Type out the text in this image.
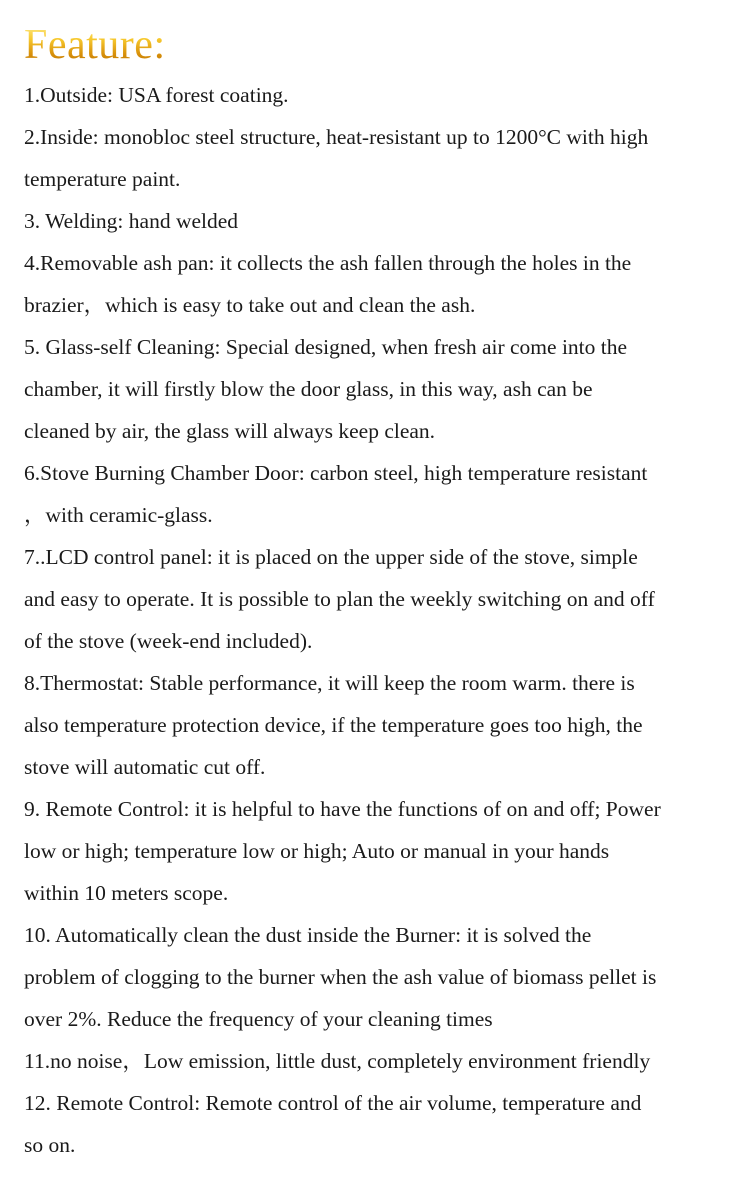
Feature:
1.Outside: USA forest coating.
2.Inside: monobloc steel structure, heat-resistant up to 1200°C with high
temperature paint.
3. Welding: hand welded
4.Removable ash pan: it collects the ash fallen through the holes in the
brazier，which is easy to take out and clean the ash.
5. Glass-self Cleaning: Special designed, when fresh air come into the
chamber, it will firstly blow the door glass, in this way, ash can be
cleaned by air, the glass will always keep clean.
6.Stove Burning Chamber Door: carbon steel, high temperature resistant
，with ceramic-glass.
7..LCD control panel: it is placed on the upper side of the stove, simple
and easy to operate. It is possible to plan the weekly switching on and off
of the stove (week-end included).
8.Thermostat: Stable performance, it will keep the room warm. there is
also temperature protection device, if the temperature goes too high, the
stove will automatic cut off.
9. Remote Control: it is helpful to have the functions of on and off; Power
low or high; temperature low or high; Auto or manual in your hands
within 10 meters scope.
10. Automatically clean the dust inside the Burner: it is solved the
problem of clogging to the burner when the ash value of biomass pellet is
over 2%. Reduce the frequency of your cleaning times
11.no noise，Low emission, little dust, completely environment friendly
12. Remote Control: Remote control of the air volume, temperature and
so on.
